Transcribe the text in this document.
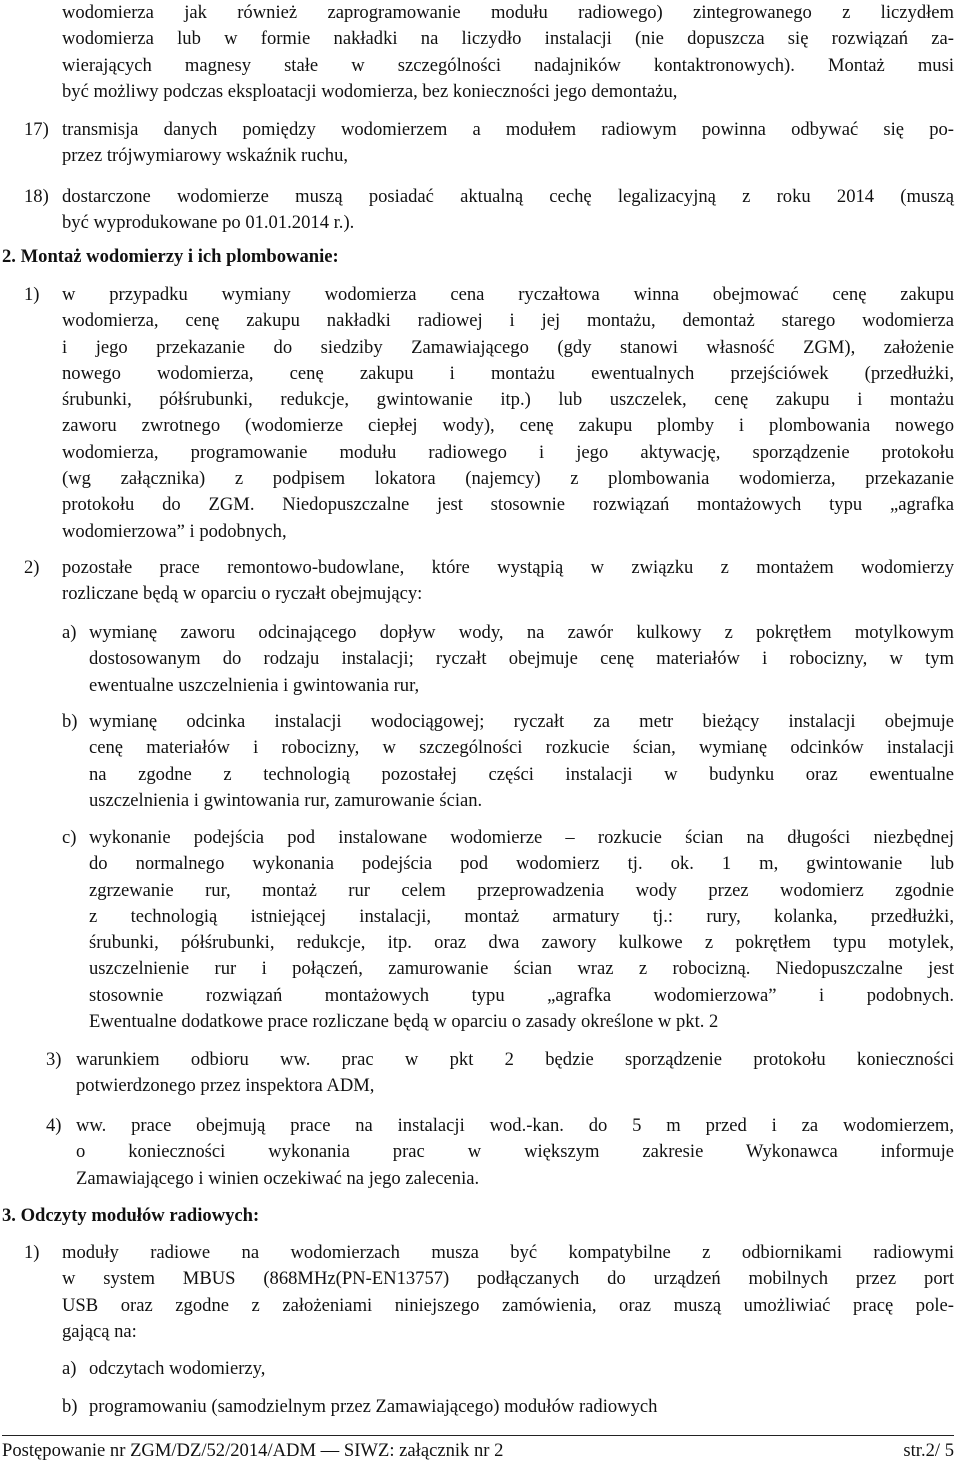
wodomierza jak również zaprogramowanie modułu radiowego) zintegrowanego z liczydłem

wodomierza lub w formie nakładki na liczydło instalacji (nie dopuszcza się rozwiązań za-

wierających magnesy stałe w szczególności nadajników kontaktronowych). Montaż musi

być możliwy podczas eksploatacji wodomierza, bez konieczności jego demontażu,

17) transmisja danych pomiędzy wodomierzem a modułem radiowym powinna odbywać się po-

przez trójwymiarowy wskaźnik ruchu,

18) dostarczone wodomierze muszą posiadać aktualną cechę legalizacyjną z roku 2014 (muszą

być wyprodukowane po 01.01.2014 r.).

2. Montaż wodomierzy i ich plombowanie:
1) w przypadku wymiany wodomierza cena ryczałtowa winna obejmować cenę zakupu

wodomierza, cenę zakupu nakładki radiowej i jej montażu, demontaż starego wodomierza

i jego przekazanie do siedziby Zamawiającego (gdy stanowi własność ZGM), założenie

nowego wodomierza, cenę zakupu i montażu ewentualnych przejściówek (przedłużki,

śrubunki, półśrubunki, redukcje, gwintowanie itp.) lub uszczelek, cenę zakupu i montażu

zaworu zwrotnego (wodomierze ciepłej wody), cenę zakupu plomby i plombowania nowego

wodomierza, programowanie modułu radiowego i jego aktywację, sporządzenie protokołu

(wg załącznika) z podpisem lokatora (najemcy) z plombowania wodomierza, przekazanie

protokołu do ZGM. Niedopuszczalne jest stosownie rozwiązań montażowych typu „agrafka

wodomierzowa” i podobnych,

2) pozostałe prace remontowo-budowlane, które wystąpią w związku z montażem wodomierzy

rozliczane będą w oparciu o ryczałt obejmujący:

a) wymianę zaworu odcinającego dopływ wody, na zawór kulkowy z pokrętłem motylkowym

dostosowanym do rodzaju instalacji; ryczałt obejmuje cenę materiałów i robocizny, w tym

ewentualne uszczelnienia i gwintowania rur,

b) wymianę odcinka instalacji wodociągowej; ryczałt za metr bieżący instalacji obejmuje

cenę materiałów i robocizny, w szczególności rozkucie ścian, wymianę odcinków instalacji

na zgodne z technologią pozostałej części instalacji w budynku oraz ewentualne

uszczelnienia i gwintowania rur, zamurowanie ścian.

c) wykonanie podejścia pod instalowane wodomierze – rozkucie ścian na długości niezbędnej

do normalnego wykonania podejścia pod wodomierz tj. ok. 1 m, gwintowanie lub

zgrzewanie rur, montaż rur celem przeprowadzenia wody przez wodomierz zgodnie

z technologią istniejącej instalacji, montaż armatury tj.: rury, kolanka, przedłużki,

śrubunki, półśrubunki, redukcje, itp. oraz dwa zawory kulkowe z pokrętłem typu motylek,

uszczelnienie rur i połączeń, zamurowanie ścian wraz z robocizną. Niedopuszczalne jest

stosownie rozwiązań montażowych typu „agrafka wodomierzowa” i podobnych.

Ewentualne dodatkowe prace rozliczane będą w oparciu o zasady określone w pkt. 2

3) warunkiem odbioru ww. prac w pkt 2 będzie sporządzenie protokołu konieczności

potwierdzonego przez inspektora ADM,

4) ww. prace obejmują prace na instalacji wod.-kan. do 5 m przed i za wodomierzem,

o konieczności wykonania prac w większym zakresie Wykonawca informuje

Zamawiającego i winien oczekiwać na jego zalecenia.

3. Odczyty modułów radiowych:
1) moduły radiowe na wodomierzach musza być kompatybilne z odbiornikami radiowymi

w system MBUS (868MHz(PN-EN13757) podłączanych do urządzeń mobilnych przez port

USB oraz zgodne z założeniami niniejszego zamówienia, oraz muszą umożliwiać pracę pole-

gającą na:

a) odczytach wodomierzy,

b) programowaniu (samodzielnym przez Zamawiającego) modułów radiowych

Postępowanie nr ZGM/DZ/52/2014/ADM — SIWZ: załącznik nr 2	str.2/ 5
